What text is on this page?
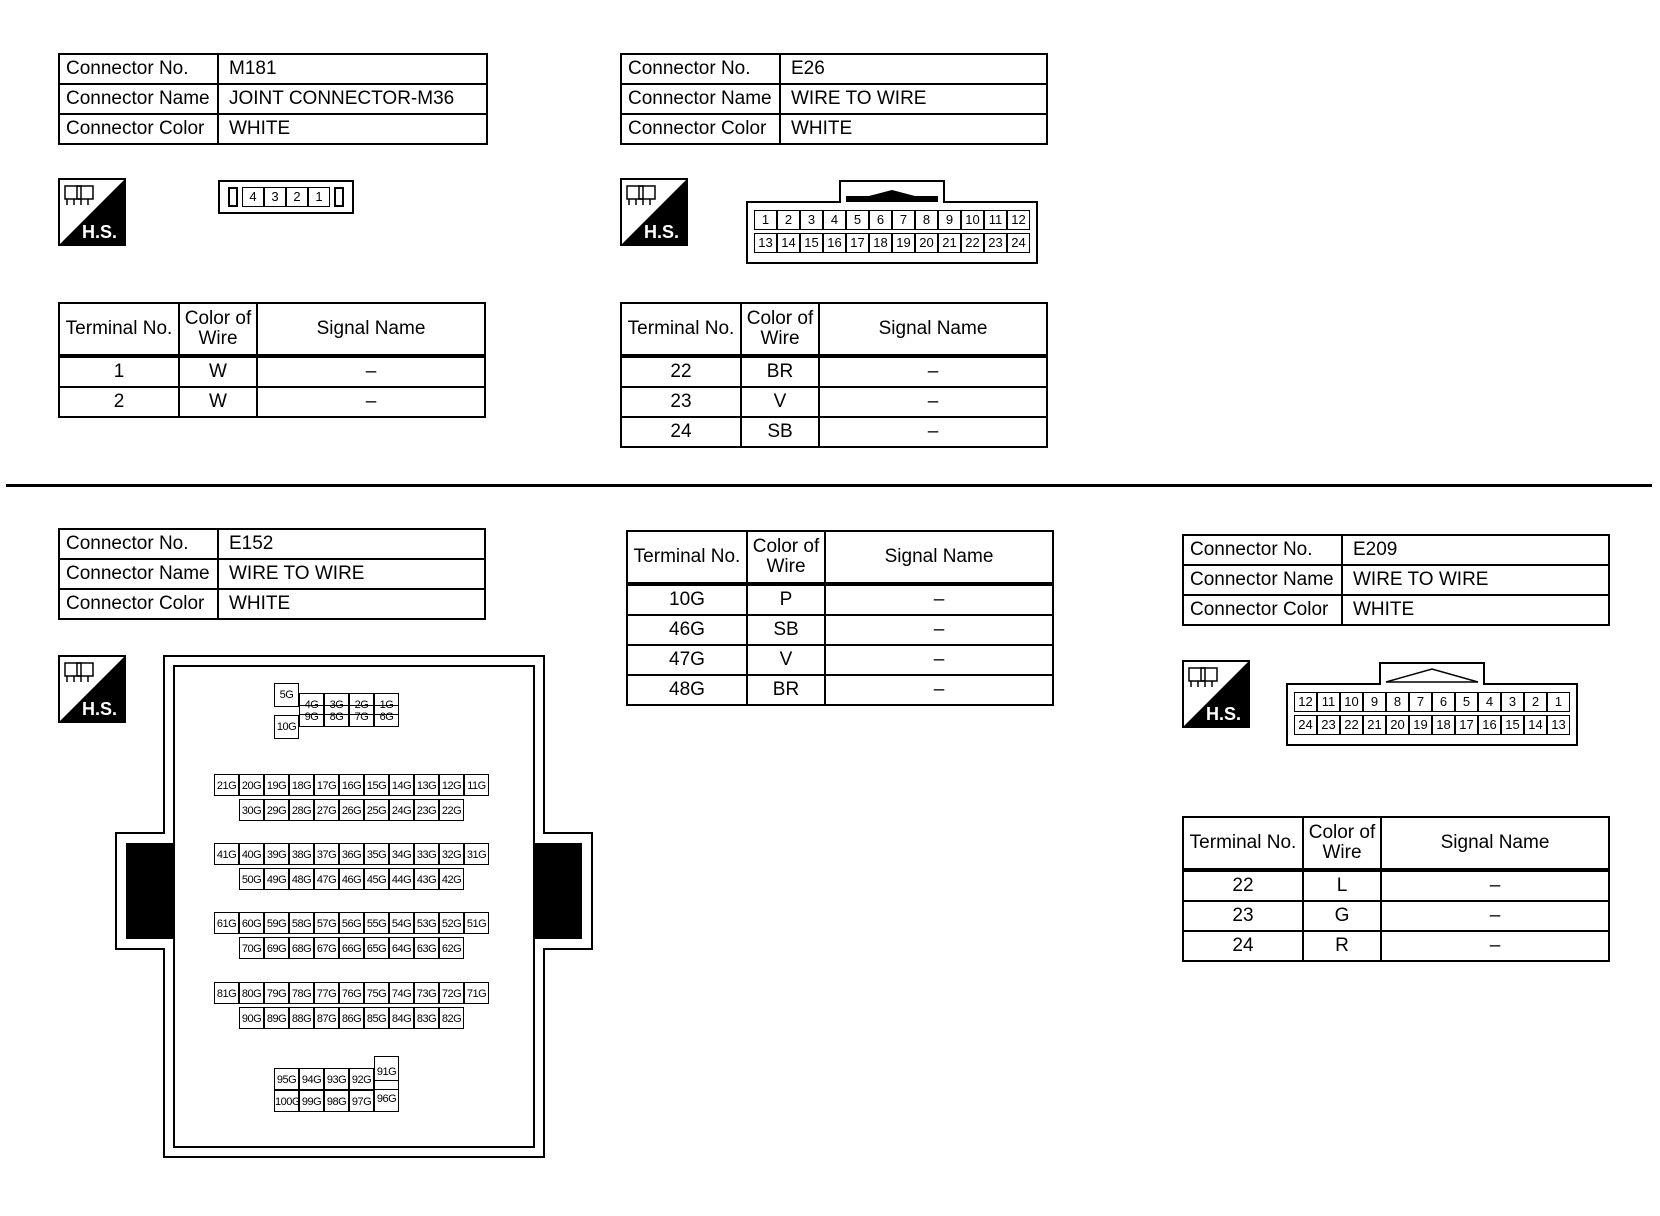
Connector No.	M181
Connector Name	JOINT CONNECTOR-M36
Connector Color	WHITE
H.S.
4	3	2	1
Terminal No.	Color of Wire	Signal Name
1	W	–
2	W	–
Connector No.	E26
Connector Name	WIRE TO WIRE
Connector Color	WHITE
H.S.
1	2	3	4	5	6	7	8	9 10 11 12
13 14 15 16 17 18 19 20 21 22 23 24
Terminal No.	Color of Wire	Signal Name
22	BR	–
23	V	–
24	SB	–
Connector No.	E152
Connector Name	WIRE TO WIRE
Connector Color	WHITE
H.S.
5G
4G	3G	2G	1G
10G
9G	8G	7G	6G
21G 20G 19G 18G 17G 16G 15G 14G 13G 12G 11G
30G 29G 28G 27G 26G 25G 24G 23G 22G
41G 40G 39G 38G 37G 36G 35G 34G 33G 32G 31G
50G 49G 48G 47G 46G 45G 44G 43G 42G
61G 60G 59G 58G 57G 56G 55G 54G 53G 52G 51G
70G 69G 68G 67G 66G 65G 64G 63G 62G
81G 80G 79G 78G 77G 76G 75G 74G 73G 72G 71G
90G 89G 88G 87G 86G 85G 84G 83G 82G
95G 94G 93G 92G
91G
100G 99G 98G 97G 96G
Terminal No.	Color of Wire	Signal Name
10G	P	–
46G	SB	–
47G	V	–
48G	BR	–
Connector No.	E209
Connector Name	WIRE TO WIRE
Connector Color	WHITE
H.S.
12 11 10 9	8	7	6	5	4	3	2	1
24 23 22 21 20 19 18 17 16 15 14 13
Terminal No.	Color of Wire	Signal Name
22	L	–
23	G	–
24	R	–
